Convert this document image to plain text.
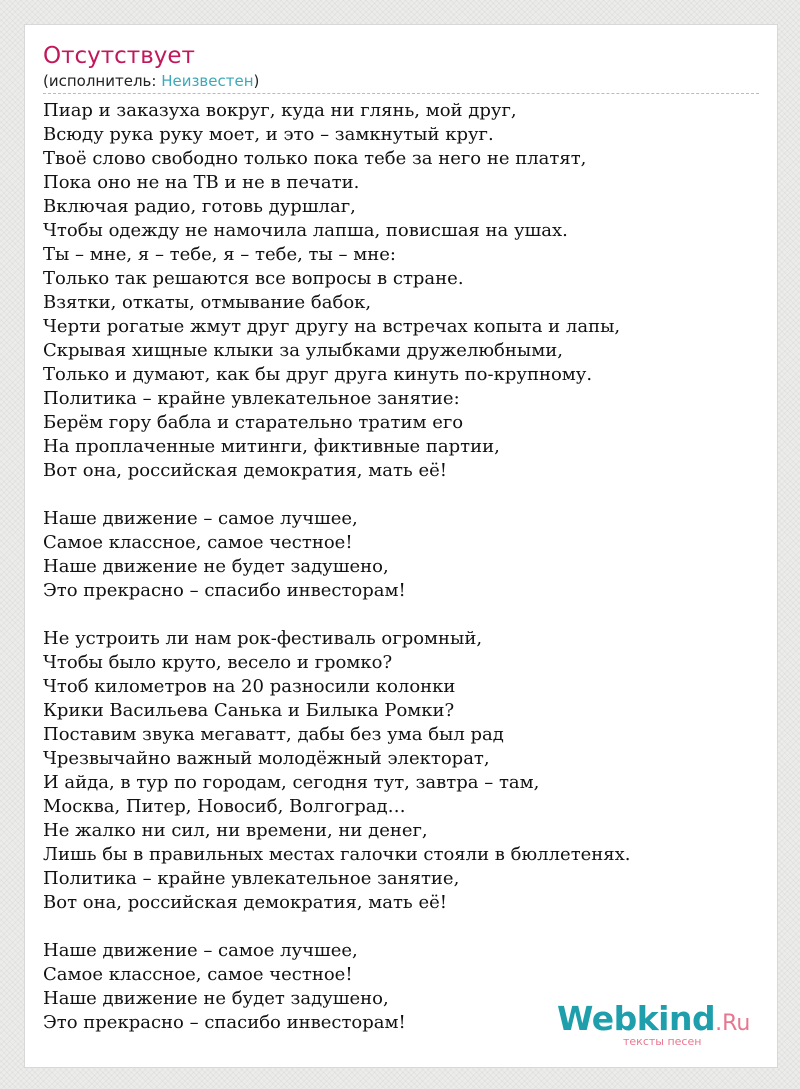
Отсутствует
(исполнитель: Неизвестен)
Пиар и заказуха вокруг, куда ни глянь, мой друг,
Всюду рука руку моет, и это – замкнутый круг.
Твоё слово свободно только пока тебе за него не платят,
Пока оно не на ТВ и не в печати.
Включая радио, готовь дуршлаг,
Чтобы одежду не намочила лапша, повисшая на ушах.
Ты – мне, я – тебе, я – тебе, ты – мне:
Только так решаются все вопросы в стране.
Взятки, откаты, отмывание бабок,
Черти рогатые жмут друг другу на встречах копыта и лапы,
Скрывая хищные клыки за улыбками дружелюбными,
Только и думают, как бы друг друга кинуть по-крупному.
Политика – крайне увлекательное занятие:
Берём гору бабла и старательно тратим его
На проплаченные митинги, фиктивные партии,
Вот она, российская демократия, мать её!
Наше движение – самое лучшее,
Самое классное, самое честное!
Наше движение не будет задушено,
Это прекрасно – спасибо инвесторам!
Не устроить ли нам рок-фестиваль огромный,
Чтобы было круто, весело и громко?
Чтоб километров на 20 разносили колонки
Крики Васильева Санька и Билыка Ромки?
Поставим звука мегаватт, дабы без ума был рад
Чрезвычайно важный молодёжный электорат,
И айда, в тур по городам, сегодня тут, завтра – там,
Москва, Питер, Новосиб, Волгоград…
Не жалко ни сил, ни времени, ни денег,
Лишь бы в правильных местах галочки стояли в бюллетенях.
Политика – крайне увлекательное занятие,
Вот она, российская демократия, мать её!
Наше движение – самое лучшее,
Самое классное, самое честное!
Наше движение не будет задушено,
Это прекрасно – спасибо инвесторам!	Webkind.Ru
тексты песен
